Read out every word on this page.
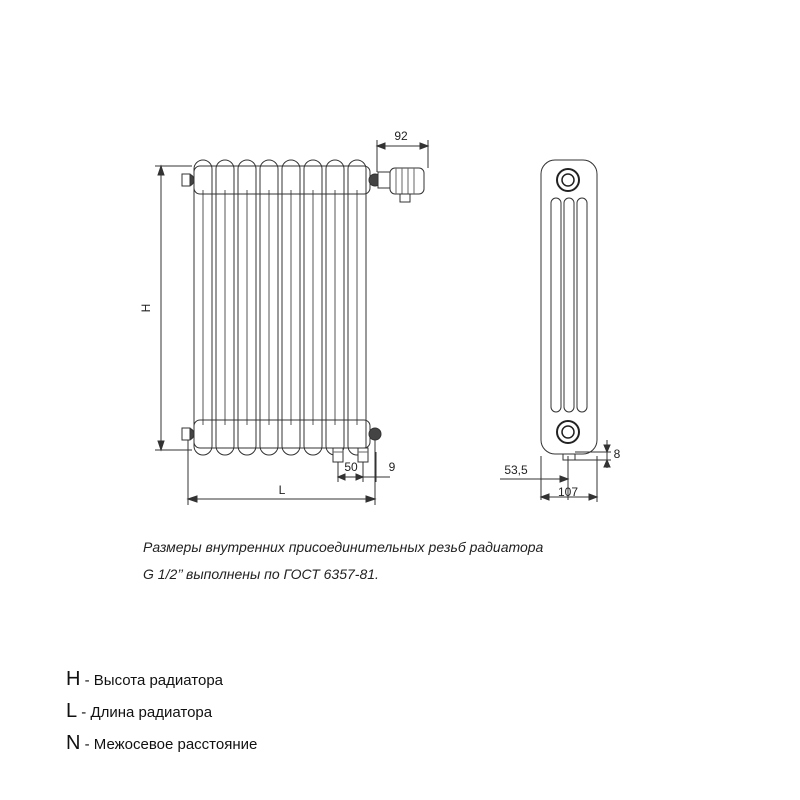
H
L
92
50	9	53,5
8
107
Размеры внутренних присоединительных резьб радиатора
G 1/2’’ выполнены по ГОСТ 6357-81.
H - Высота радиатора
L - Длина радиатора
N - Межосевое расстояние
